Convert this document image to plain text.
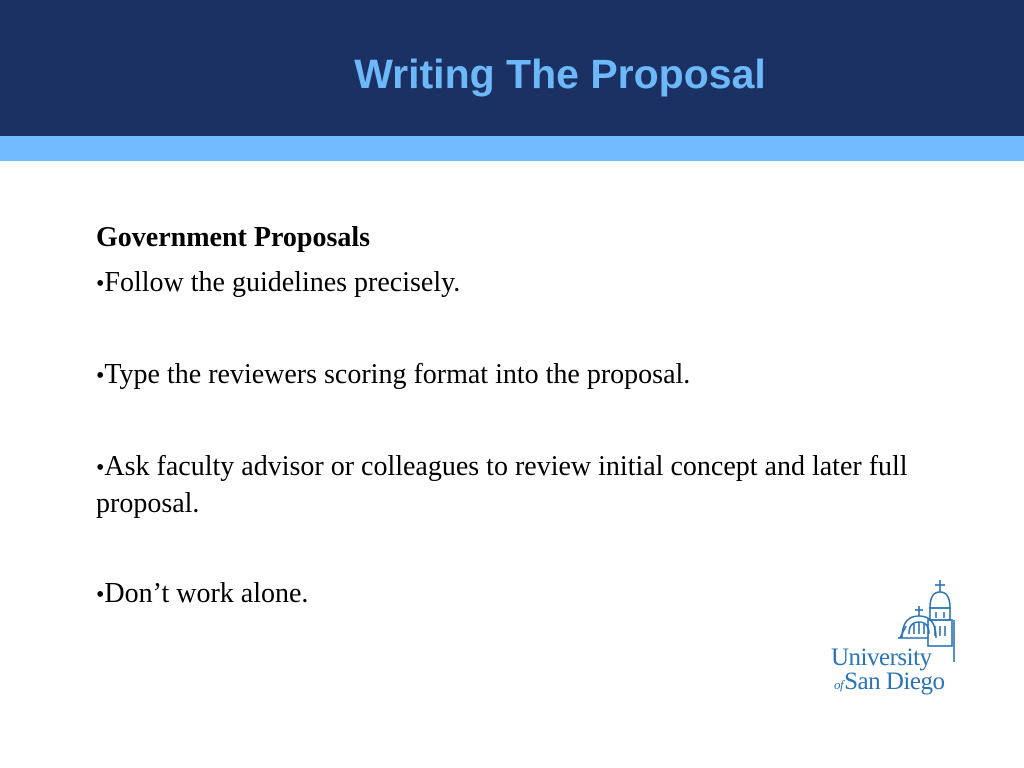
Writing The Proposal

Government Proposals

•Follow the guidelines precisely.

•Type the reviewers scoring format into the proposal.

•Ask faculty advisor or colleagues to review initial concept and later full proposal.

•Don’t work alone.

University

ofSan Diego
